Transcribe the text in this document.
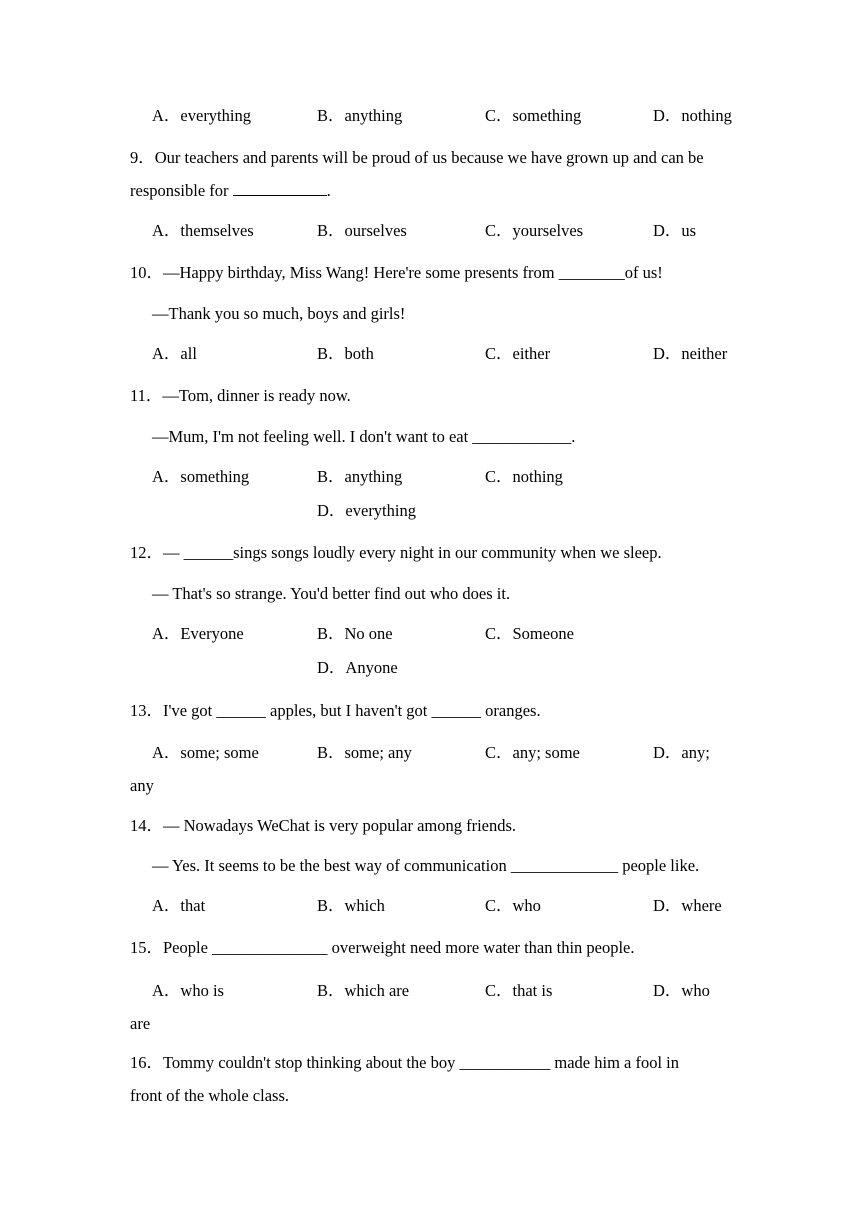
A．everything	B．anything	C．something	D．nothing
9．Our teachers and parents will be proud of us because we have grown up and can be
responsible for	.
A．themselves	B．ourselves	C．yourselves	D．us
10．—Happy birthday, Miss Wang! Here're some presents from ________of us!
—Thank you so much, boys and girls!
A．all	B．both	C．either	D．neither
11．—Tom, dinner is ready now.
—Mum, I'm not feeling well. I don't want to eat ____________.
A．something	B．anything	C．nothing
D．everything
12．— ______sings songs loudly every night in our community when we sleep.
— That's so strange. You'd better find out who does it.
A．Everyone	B．No one	C．Someone
D．Anyone
13．I've got ______ apples, but I haven't got ______ oranges.
A．some; some	B．some; any	C．any; some	D．any;
any
14．— Nowadays WeChat is very popular among friends.
— Yes. It seems to be the best way of communication _____________ people like.
A．that	B．which	C．who	D．where
15．People ______________ overweight need more water than thin people.
A．who is	B．which are	C．that is	D．who
are
16．Tommy couldn't stop thinking about the boy ___________ made him a fool in
front of the whole class.
